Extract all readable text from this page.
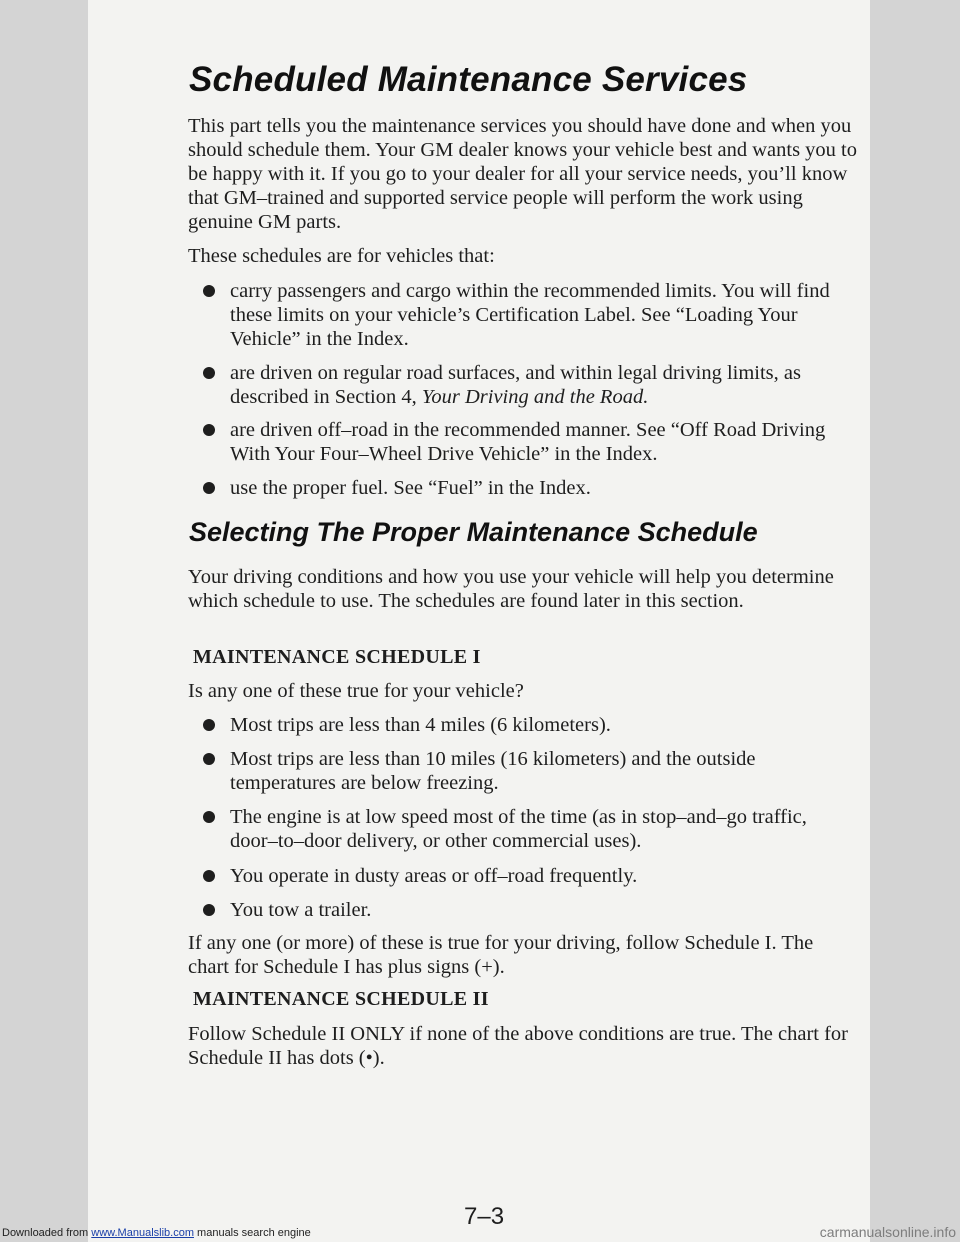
Scheduled Maintenance Services

This part tells you the maintenance services you should have done and when you should schedule them. Your GM dealer knows your vehicle best and wants you to be happy with it. If you go to your dealer for all your service needs, you’ll know that GM–trained and supported service people will perform the work using genuine GM parts.

These schedules are for vehicles that:

carry passengers and cargo within the recommended limits. You will find these limits on your vehicle’s Certification Label. See “Loading Your Vehicle” in the Index.
are driven on regular road surfaces, and within legal driving limits, as described in Section 4, Your Driving and the Road.
are driven off–road in the recommended manner. See “Off Road Driving With Your Four–Wheel Drive Vehicle” in the Index.
use the proper fuel. See “Fuel” in the Index.
Selecting The Proper Maintenance Schedule

Your driving conditions and how you use your vehicle will help you determine which schedule to use. The schedules are found later in this section.

MAINTENANCE SCHEDULE I

Is any one of these true for your vehicle?

Most trips are less than 4 miles (6 kilometers).
Most trips are less than 10 miles (16 kilometers) and the outside temperatures are below freezing.
The engine is at low speed most of the time (as in stop–and–go traffic, door–to–door delivery, or other commercial uses).
You operate in dusty areas or off–road frequently.
You tow a trailer.

If any one (or more) of these is true for your driving, follow Schedule I. The chart for Schedule I has plus signs (+).

MAINTENANCE SCHEDULE II

Follow Schedule II ONLY if none of the above conditions are true. The chart for Schedule II has dots (•).

7–3

Downloaded from www.Manualslib.com manuals search engine	carmanualsonline.info
